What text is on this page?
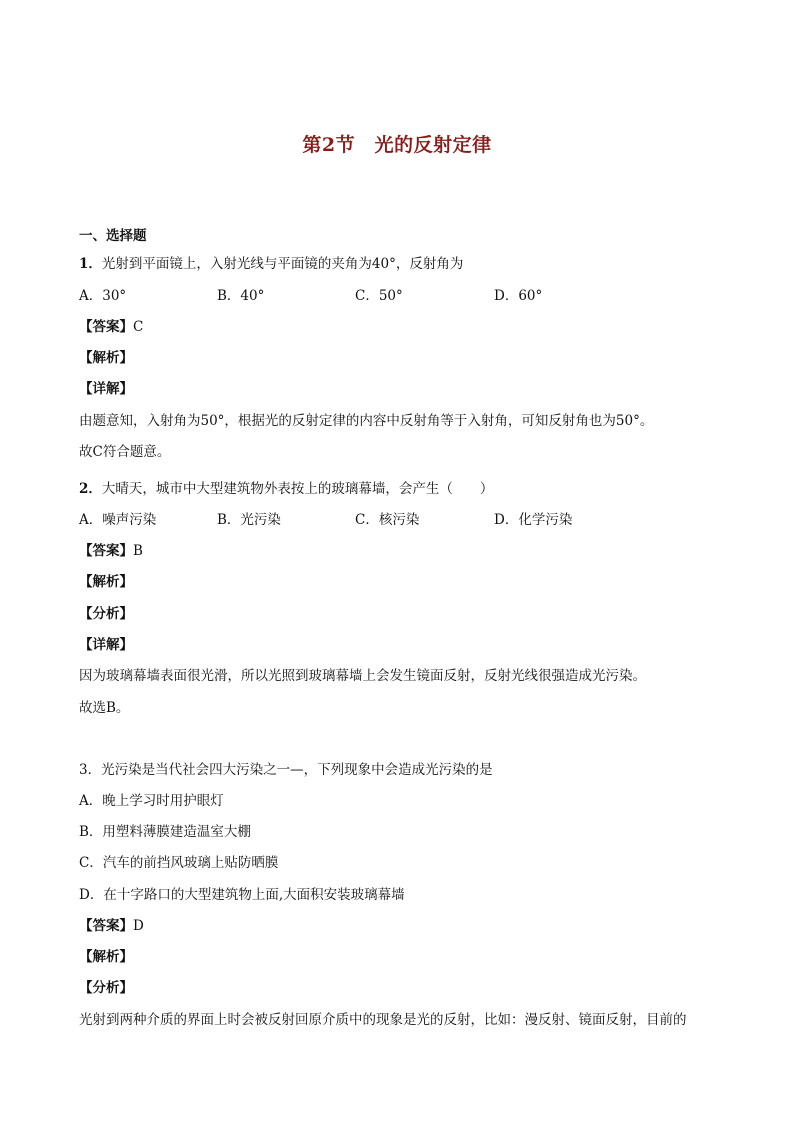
第2节　光的反射定律
一、选择题
1．光射到平面镜上，入射光线与平面镜的夹角为40°，反射角为
A．30°	B．40°	C．50°	D．60°
【答案】C
【解析】
【详解】
由题意知，入射角为50°，根据光的反射定律的内容中反射角等于入射角，可知反射角也为50°。
故C符合题意。
2．大晴天，城市中大型建筑物外表按上的玻璃幕墙，会产生（　　）
A．噪声污染	B．光污染	C．核污染	D．化学污染
【答案】B
【解析】
【分析】
【详解】
因为玻璃幕墙表面很光滑，所以光照到玻璃幕墙上会发生镜面反射，反射光线很强造成光污染。
故选B。
3．光污染是当代社会四大污染之一—，下列现象中会造成光污染的是
A．晚上学习时用护眼灯
B．用塑料薄膜建造温室大棚
C．汽车的前挡风玻璃上贴防晒膜
D．在十字路口的大型建筑物上面,大面积安装玻璃幕墙
【答案】D
【解析】
【分析】
光射到两种介质的界面上时会被反射回原介质中的现象是光的反射，比如：漫反射、镜面反射，目前的
